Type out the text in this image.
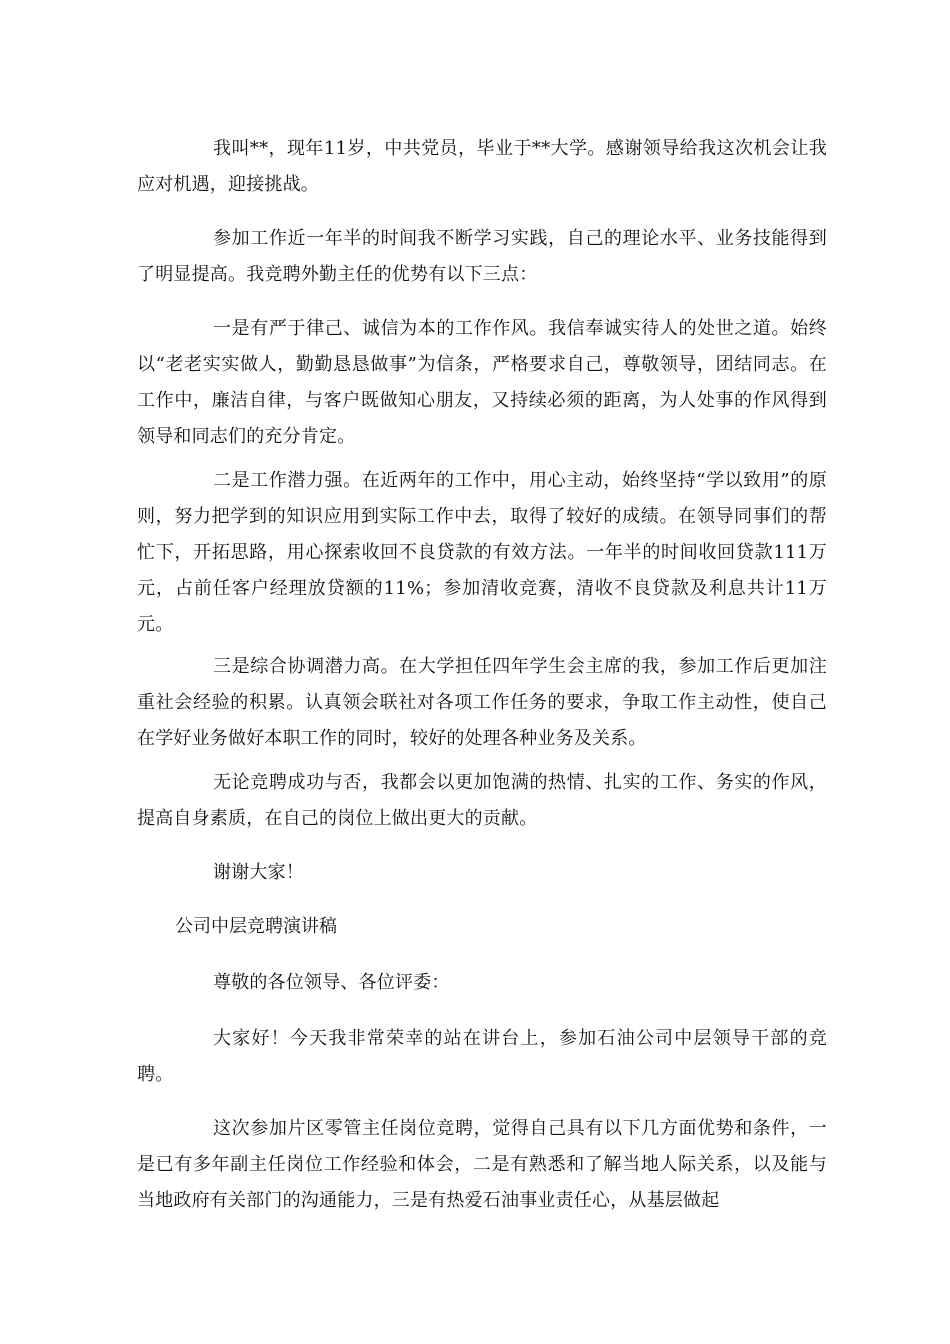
我叫**，现年11岁，中共党员，毕业于**大学。感谢领导给我这次机会让我应对机遇，迎接挑战。

参加工作近一年半的时间我不断学习实践，自己的理论水平、业务技能得到了明显提高。我竞聘外勤主任的优势有以下三点：

一是有严于律己、诚信为本的工作作风。我信奉诚实待人的处世之道。始终以“老老实实做人，勤勤恳恳做事”为信条，严格要求自己，尊敬领导，团结同志。在工作中，廉洁自律，与客户既做知心朋友，又持续必须的距离，为人处事的作风得到领导和同志们的充分肯定。

二是工作潜力强。在近两年的工作中，用心主动，始终坚持“学以致用”的原则，努力把学到的知识应用到实际工作中去，取得了较好的成绩。在领导同事们的帮忙下，开拓思路，用心探索收回不良贷款的有效方法。一年半的时间收回贷款111万元，占前任客户经理放贷额的11%；参加清收竞赛，清收不良贷款及利息共计11万元。

三是综合协调潜力高。在大学担任四年学生会主席的我，参加工作后更加注重社会经验的积累。认真领会联社对各项工作任务的要求，争取工作主动性，使自己在学好业务做好本职工作的同时，较好的处理各种业务及关系。

无论竞聘成功与否，我都会以更加饱满的热情、扎实的工作、务实的作风，提高自身素质，在自己的岗位上做出更大的贡献。

谢谢大家！

公司中层竞聘演讲稿

尊敬的各位领导、各位评委：

大家好！今天我非常荣幸的站在讲台上，参加石油公司中层领导干部的竞聘。

这次参加片区零管主任岗位竞聘，觉得自己具有以下几方面优势和条件，一是已有多年副主任岗位工作经验和体会，二是有熟悉和了解当地人际关系，以及能与当地政府有关部门的沟通能力，三是有热爱石油事业责任心，从基层做起
